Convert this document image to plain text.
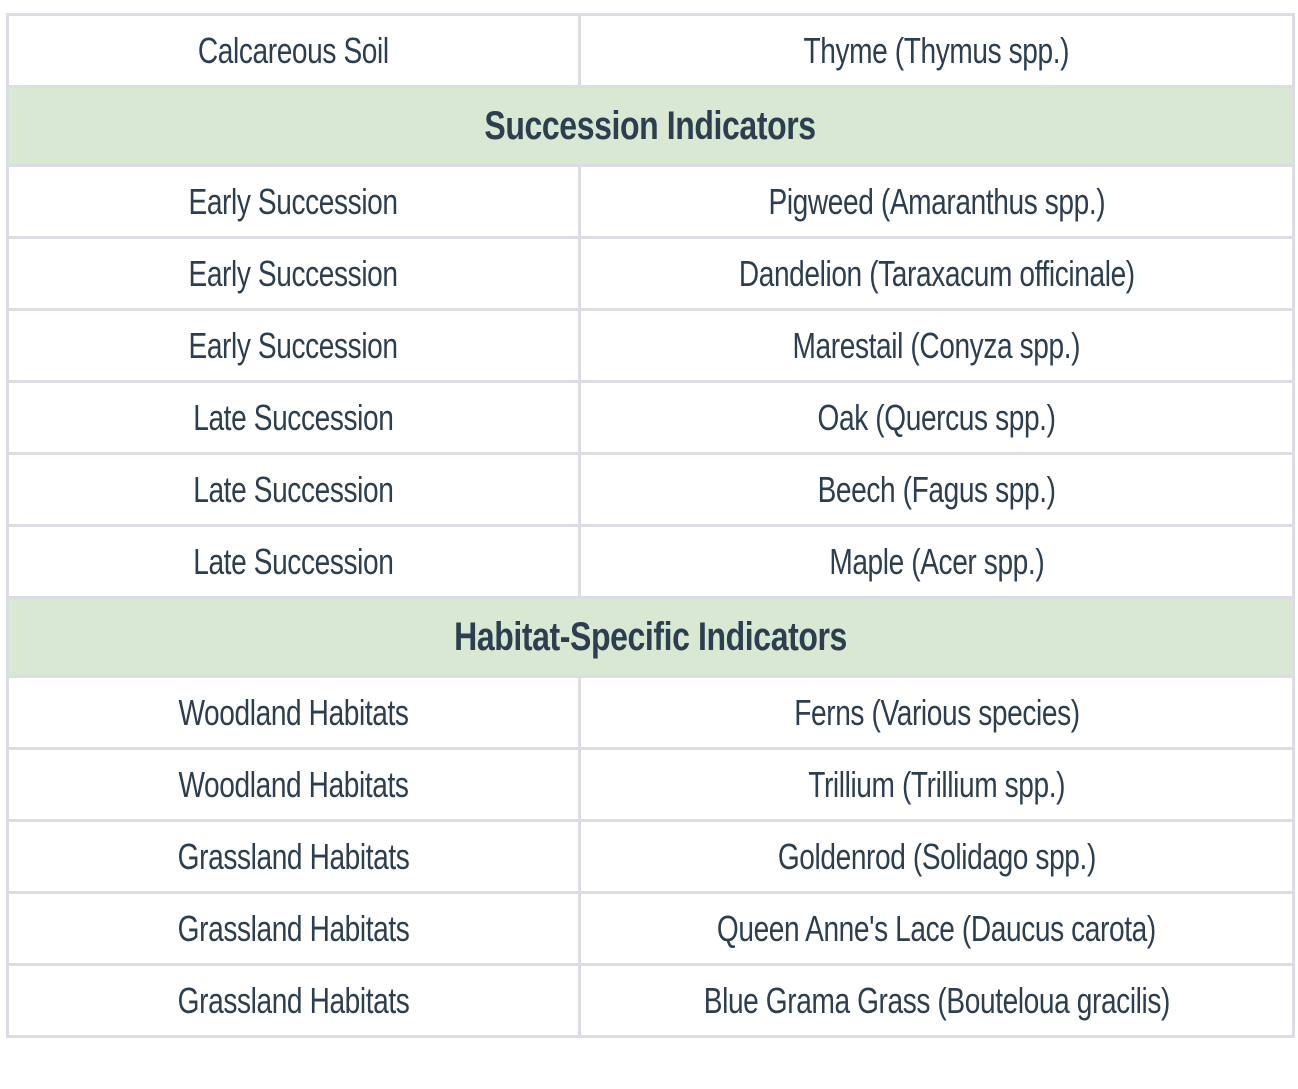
Calcareous Soil	Thyme (Thymus spp.)
Succession Indicators	
Early Succession	Pigweed (Amaranthus spp.)
Early Succession	Dandelion (Taraxacum officinale)
Early Succession	Marestail (Conyza spp.)
Late Succession	Oak (Quercus spp.)
Late Succession	Beech (Fagus spp.)
Late Succession	Maple (Acer spp.)
Habitat-Specific Indicators	
Woodland Habitats	Ferns (Various species)
Woodland Habitats	Trillium (Trillium spp.)
Grassland Habitats	Goldenrod (Solidago spp.)
Grassland Habitats	Queen Anne's Lace (Daucus carota)
Grassland Habitats	Blue Grama Grass (Bouteloua gracilis)
